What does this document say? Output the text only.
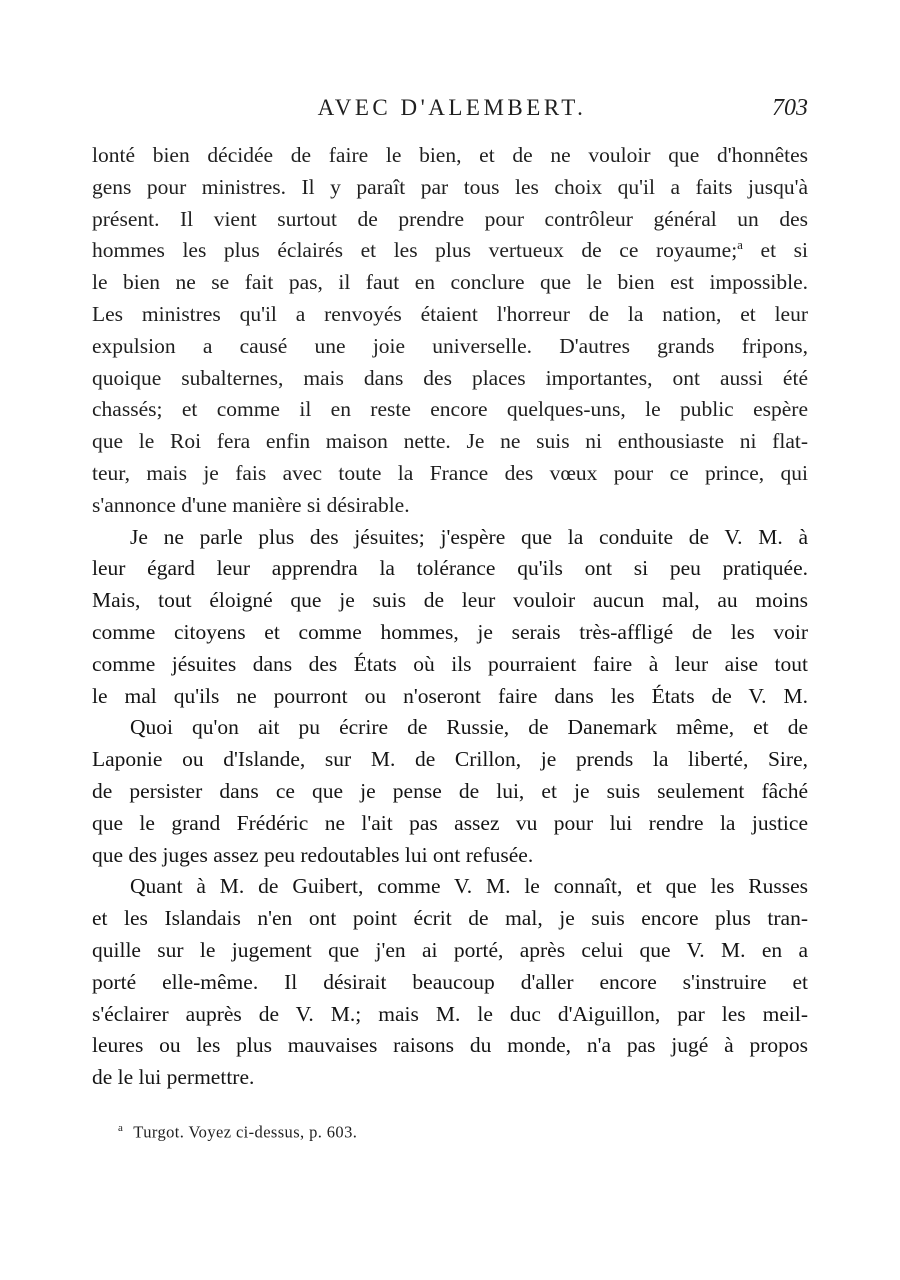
AVEC D'ALEMBERT.	703

lonté bien décidée de faire le bien, et de ne vouloir que d'honnêtes
gens pour ministres. Il y paraît par tous les choix qu'il a faits jusqu'à
présent. Il vient surtout de prendre pour contrôleur général un des
hommes les plus éclairés et les plus vertueux de ce royaume;$^a$ et si
le bien ne se fait pas, il faut en conclure que le bien est impossible.
Les ministres qu'il a renvoyés étaient l'horreur de la nation, et leur
expulsion a causé une joie universelle. D'autres grands fripons,
quoique subalternes, mais dans des places importantes, ont aussi été
chassés; et comme il en reste encore quelques-uns, le public espère
que le Roi fera enfin maison nette. Je ne suis ni enthousiaste ni flat-
teur, mais je fais avec toute la France des vœux pour ce prince, qui
s'annonce d'une manière si désirable.

Je ne parle plus des jésuites; j'espère que la conduite de V. M. à
leur égard leur apprendra la tolérance qu'ils ont si peu pratiquée.
Mais, tout éloigné que je suis de leur vouloir aucun mal, au moins
comme citoyens et comme hommes, je serais très-affligé de les voir
comme jésuites dans des États où ils pourraient faire à leur aise tout
le mal qu'ils ne pourront ou n'oseront faire dans les États de V. M.

Quoi qu'on ait pu écrire de Russie, de Danemark même, et de
Laponie ou d'Islande, sur M. de Crillon, je prends la liberté, Sire,
de persister dans ce que je pense de lui, et je suis seulement fâché
que le grand Frédéric ne l'ait pas assez vu pour lui rendre la justice
que des juges assez peu redoutables lui ont refusée.

Quant à M. de Guibert, comme V. M. le connaît, et que les Russes
et les Islandais n'en ont point écrit de mal, je suis encore plus tran-
quille sur le jugement que j'en ai porté, après celui que V. M. en a
porté elle-même. Il désirait beaucoup d'aller encore s'instruire et
s'éclairer auprès de V. M.; mais M. le duc d'Aiguillon, par les meil-
leures ou les plus mauvaises raisons du monde, n'a pas jugé à propos
de le lui permettre.

$^a$ Turgot. Voyez ci-dessus, p. 603.
